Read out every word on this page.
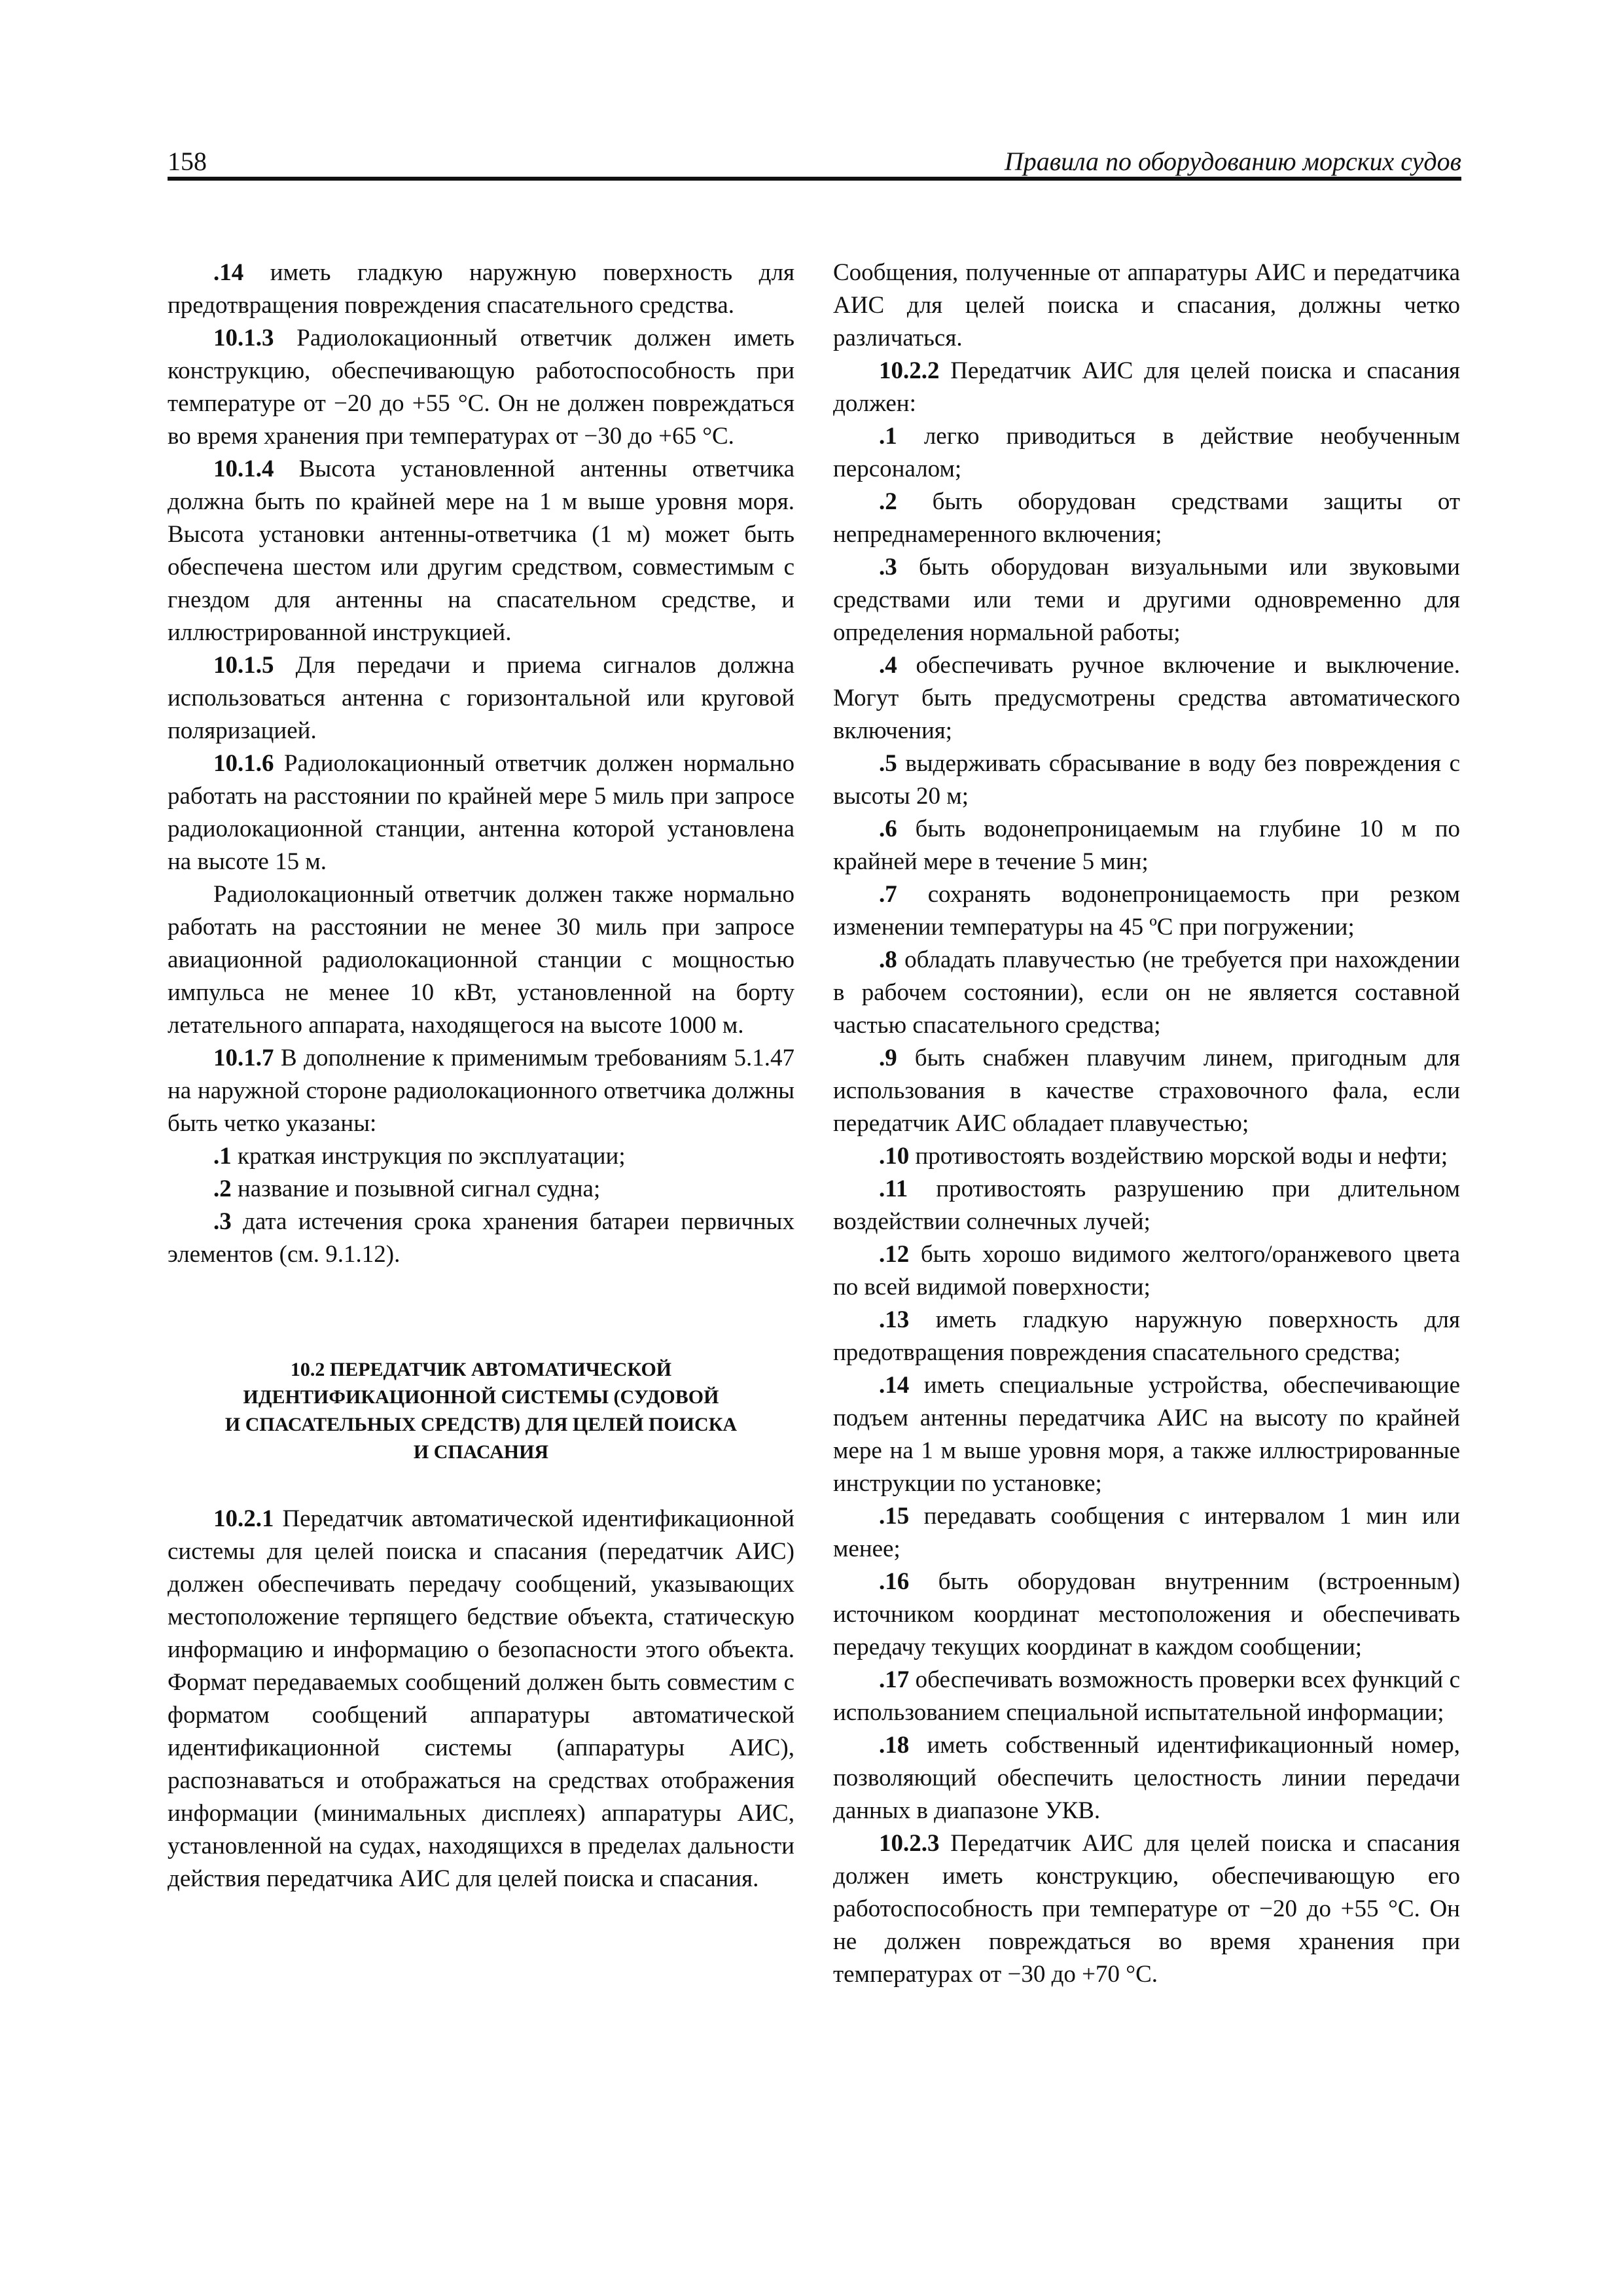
158	Правила по оборудованию морских судов

.14 иметь гладкую наружную поверхность для предотвращения повреждения спасательного средства.

10.1.3 Радиолокационный ответчик должен иметь конструкцию, обеспечивающую работоспособность при температуре от −20 до +55 °С. Он не должен повреждаться во время хранения при температурах от −30 до +65 °С.

10.1.4 Высота установленной антенны ответчика должна быть по крайней мере на 1 м выше уровня моря. Высота установки антенны-ответчика (1 м) может быть обеспечена шестом или другим средством, совместимым с гнездом для антенны на спасательном средстве, и иллюстрированной инструкцией.

10.1.5 Для передачи и приема сигналов должна использоваться антенна с горизонтальной или круговой поляризацией.

10.1.6 Радиолокационный ответчик должен нормально работать на расстоянии по крайней мере 5 миль при запросе радиолокационной станции, антенна которой установлена на высоте 15 м.

Радиолокационный ответчик должен также нормально работать на расстоянии не менее 30 миль при запросе авиационной радиолокационной станции с мощностью импульса не менее 10 кВт, установленной на борту летательного аппарата, находящегося на высоте 1000 м.

10.1.7 В дополнение к применимым требованиям 5.1.47 на наружной стороне радиолокационного ответчика должны быть четко указаны:

.1 краткая инструкция по эксплуатации;

.2 название и позывной сигнал судна;

.3 дата истечения срока хранения батареи первичных элементов (см. 9.1.12).

10.2 ПЕРЕДАТЧИК АВТОМАТИЧЕСКОЙ
ИДЕНТИФИКАЦИОННОЙ СИСТЕМЫ (СУДОВОЙ
И СПАСАТЕЛЬНЫХ СРЕДСТВ) ДЛЯ ЦЕЛЕЙ ПОИСКА
И СПАСАНИЯ

10.2.1 Передатчик автоматической идентификационной системы для целей поиска и спасания (передатчик АИС) должен обеспечивать передачу сообщений, указывающих местоположение терпящего бедствие объекта, статическую информацию и информацию о безопасности этого объекта. Формат передаваемых сообщений должен быть совместим с форматом сообщений аппаратуры автоматической идентификационной системы (аппаратуры АИС), распознаваться и отображаться на средствах отображения информации (минимальных дисплеях) аппаратуры АИС, установленной на судах, находящихся в пределах дальности действия передатчика АИС для целей поиска и спасания.

Сообщения, полученные от аппаратуры АИС и передатчика АИС для целей поиска и спасания, должны четко различаться.

10.2.2 Передатчик АИС для целей поиска и спасания должен:

.1 легко приводиться в действие необученным персоналом;

.2 быть оборудован средствами защиты от непреднамеренного включения;

.3 быть оборудован визуальными или звуковыми средствами или теми и другими одновременно для определения нормальной работы;

.4 обеспечивать ручное включение и выключение. Могут быть предусмотрены средства автоматического включения;

.5 выдерживать сбрасывание в воду без повреждения с высоты 20 м;

.6 быть водонепроницаемым на глубине 10 м по крайней мере в течение 5 мин;

.7 сохранять водонепроницаемость при резком изменении температуры на 45 ºС при погружении;

.8 обладать плавучестью (не требуется при нахождении в рабочем состоянии), если он не является составной частью спасательного средства;

.9 быть снабжен плавучим линем, пригодным для использования в качестве страховочного фала, если передатчик АИС обладает плавучестью;

.10 противостоять воздействию морской воды и нефти;

.11 противостоять разрушению при длительном воздействии солнечных лучей;

.12 быть хорошо видимого желтого/оранжевого цвета по всей видимой поверхности;

.13 иметь гладкую наружную поверхность для предотвращения повреждения спасательного средства;

.14 иметь специальные устройства, обеспечивающие подъем антенны передатчика АИС на высоту по крайней мере на 1 м выше уровня моря, а также иллюстрированные инструкции по установке;

.15 передавать сообщения с интервалом 1 мин или менее;

.16 быть оборудован внутренним (встроенным) источником координат местоположения и обеспечивать передачу текущих координат в каждом сообщении;

.17 обеспечивать возможность проверки всех функций с использованием специальной испытательной информации;

.18 иметь собственный идентификационный номер, позволяющий обеспечить целостность линии передачи данных в диапазоне УКВ.

10.2.3 Передатчик АИС для целей поиска и спасания должен иметь конструкцию, обеспечивающую его работоспособность при температуре от −20 до +55 °С. Он не должен повреждаться во время хранения при температурах от −30 до +70 °С.
